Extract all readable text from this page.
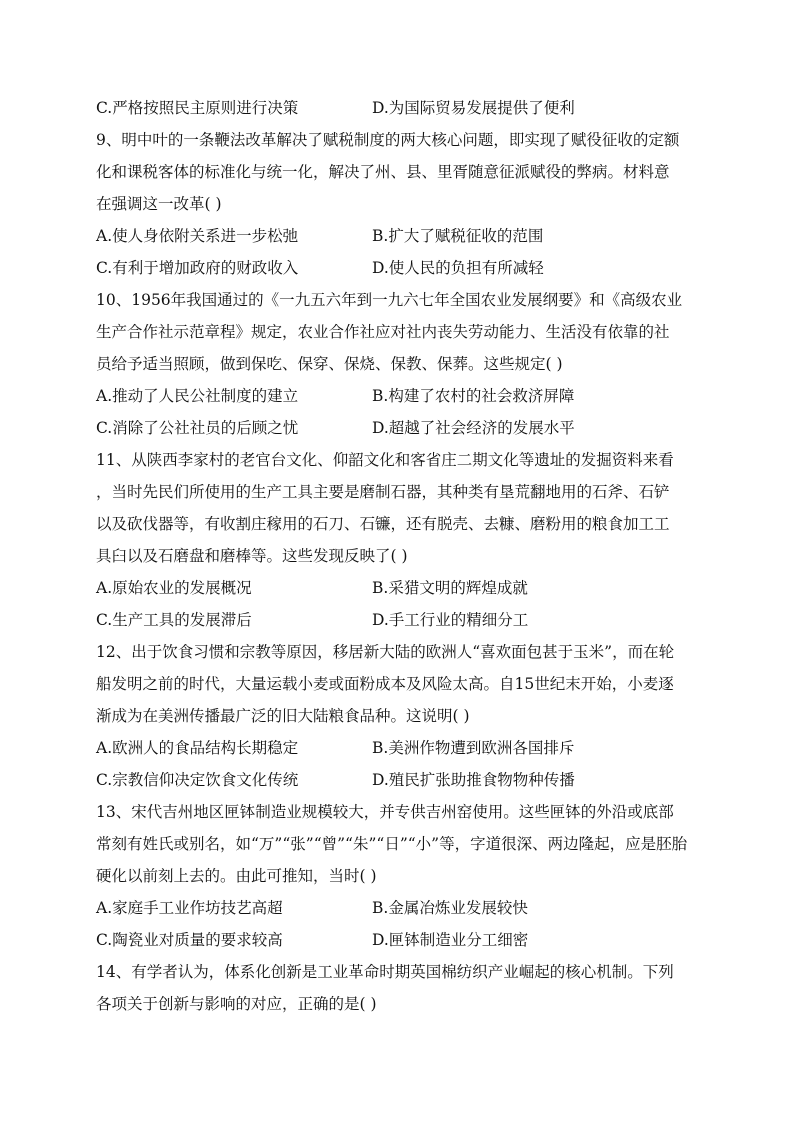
C.严格按照民主原则进行决策	D.为国际贸易发展提供了便利
9、明中叶的一条鞭法改革解决了赋税制度的两大核心问题，即实现了赋役征收的定额
化和课税客体的标准化与统一化，解决了州、县、里胥随意征派赋役的弊病。材料意
在强调这一改革( )
A.使人身依附关系进一步松弛	B.扩大了赋税征收的范围
C.有利于增加政府的财政收入	D.使人民的负担有所减轻
10、1956年我国通过的《一九五六年到一九六七年全国农业发展纲要》和《高级农业
生产合作社示范章程》规定，农业合作社应对社内丧失劳动能力、生活没有依靠的社
员给予适当照顾，做到保吃、保穿、保烧、保教、保葬。这些规定( )
A.推动了人民公社制度的建立	B.构建了农村的社会救济屏障
C.消除了公社社员的后顾之忧	D.超越了社会经济的发展水平
11、从陕西李家村的老官台文化、仰韶文化和客省庄二期文化等遗址的发掘资料来看
，当时先民们所使用的生产工具主要是磨制石器，其种类有垦荒翻地用的石斧、石铲
以及砍伐器等，有收割庄稼用的石刀、石镰，还有脱壳、去糠、磨粉用的粮食加工工
具臼以及石磨盘和磨棒等。这些发现反映了( )
A.原始农业的发展概况	B.采猎文明的辉煌成就
C.生产工具的发展滞后	D.手工行业的精细分工
12、出于饮食习惯和宗教等原因，移居新大陆的欧洲人“喜欢面包甚于玉米”，而在轮
船发明之前的时代，大量运载小麦或面粉成本及风险太高。自15世纪末开始，小麦逐
渐成为在美洲传播最广泛的旧大陆粮食品种。这说明( )
A.欧洲人的食品结构长期稳定	B.美洲作物遭到欧洲各国排斥
C.宗教信仰决定饮食文化传统	D.殖民扩张助推食物物种传播
13、宋代吉州地区匣钵制造业规模较大，并专供吉州窑使用。这些匣钵的外沿或底部
常刻有姓氏或别名，如“万”“张”“曾”“朱”“日”“小”等，字道很深、两边隆起，应是胚胎
硬化以前刻上去的。由此可推知，当时( )
A.家庭手工业作坊技艺高超	B.金属冶炼业发展较快
C.陶瓷业对质量的要求较高	D.匣钵制造业分工细密
14、有学者认为，体系化创新是工业革命时期英国棉纺织产业崛起的核心机制。下列
各项关于创新与影响的对应，正确的是( )
